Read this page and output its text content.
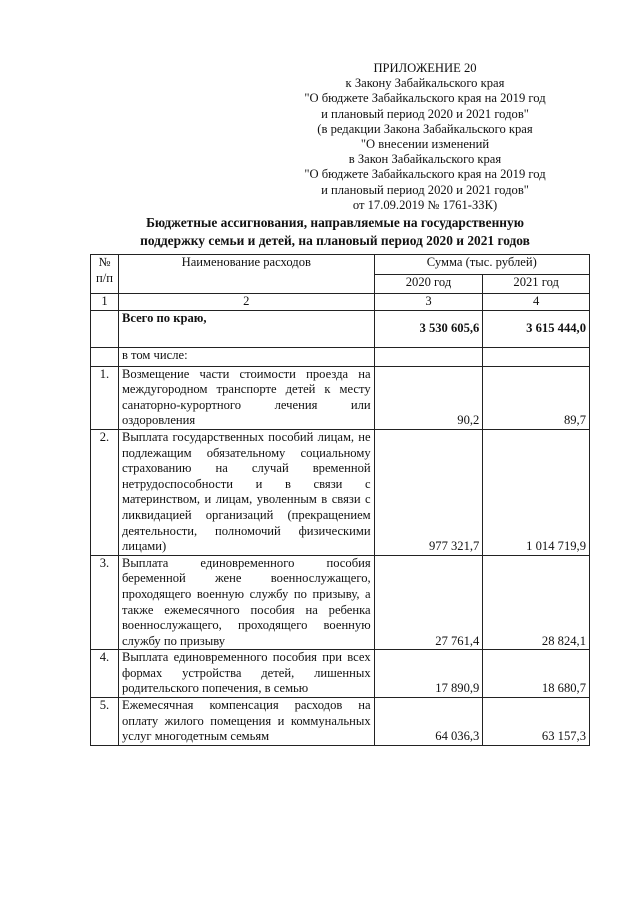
ПРИЛОЖЕНИЕ 20
к Закону Забайкальского края
"О бюджете Забайкальского края на 2019 год
и плановый период 2020 и 2021 годов"
(в редакции Закона Забайкальского края
"О внесении изменений
в Закон Забайкальского края
"О бюджете Забайкальского края на 2019 год
и плановый период 2020 и 2021 годов"
от 17.09.2019 № 1761-ЗЗК)
Бюджетные ассигнования, направляемые на государственную
поддержку семьи и детей, на плановый период 2020 и 2021 годов
№ п/п	Наименование расходов	Сумма (тыс. рублей)	
		2020 год	2021 год
1	2	3	4
	Всего по краю,	3 530 605,6	3 615 444,0
	в том числе:		
1.	Возмещение части стоимости проезда на междугородном транспорте детей к месту санаторно-курортного лечения или оздоровления	90,2	89,7
2.	Выплата государственных пособий лицам, не подлежащим обязательному социальному страхованию на случай временной нетрудоспособности и в связи с материнством, и лицам, уволенным в связи с ликвидацией организаций (прекращением деятельности, полномочий физическими лицами)	977 321,7	1 014 719,9
3.	Выплата единовременного пособия беременной жене военнослужащего, проходящего военную службу по призыву, а также ежемесячного пособия на ребенка военнослужащего, проходящего военную службу по призыву	27 761,4	28 824,1
4.	Выплата единовременного пособия при всех формах устройства детей, лишенных родительского попечения, в семью	17 890,9	18 680,7
5.	Ежемесячная компенсация расходов на оплату жилого помещения и коммунальных услуг многодетным семьям	64 036,3	63 157,3
